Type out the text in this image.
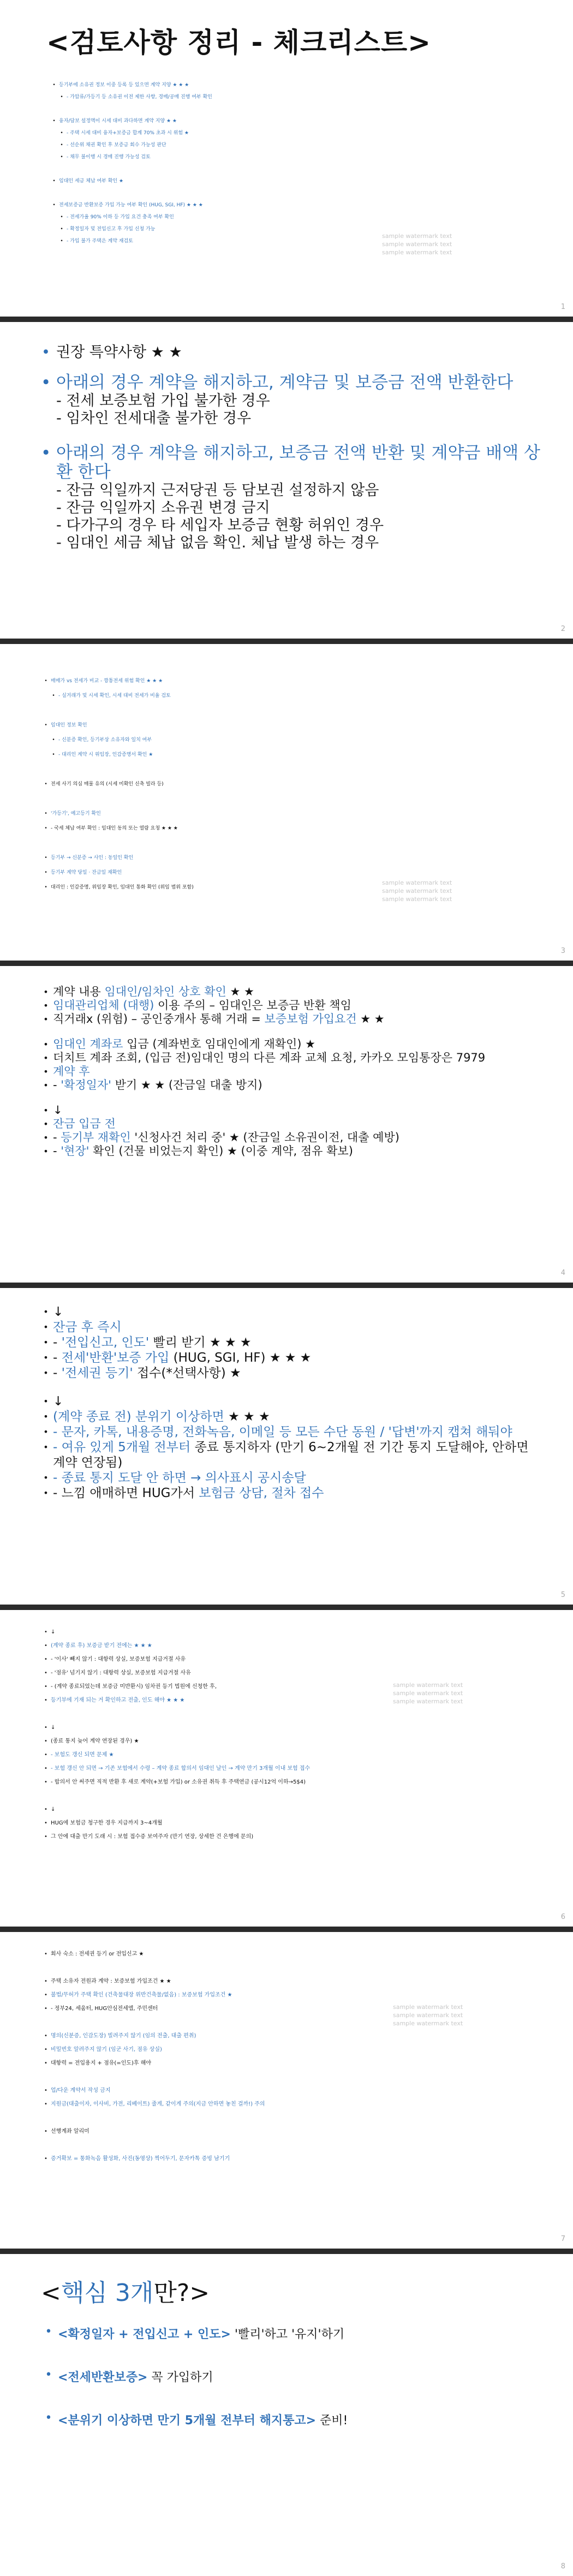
<검토사항 정리 - 체크리스트>
• 등기부에 소유권 정보 이중 등록 등 있으면 계약 지양 ★ ★ ★
• - 가압류/가등기 등 소유권 이전 제한 사항, 경매/공매 진행 여부 확인
• 융자/담보 설정액이 시세 대비 과다하면 계약 지양 ★ ★
• - 주택 시세 대비 융자+보증금 합계 70% 초과 시 위험 ★
• - 선순위 채권 확인 후 보증금 회수 가능성 판단
• - 채무 불이행 시 경매 진행 가능성 검토
• 임대인 세금 체납 여부 확인 ★
• 전세보증금 반환보증 가입 가능 여부 확인 (HUG, SGI, HF) ★ ★ ★
• - 전세가율 90% 이하 등 가입 요건 충족 여부 확인
• - 확정일자 및 전입신고 후 가입 신청 가능
• - 가입 불가 주택은 계약 재검토
sample watermark text
sample watermark text
sample watermark text
1
• 권장 특약사항 ★ ★
• 아래의 경우 계약을 해지하고, 계약금 및 보증금 전액 반환한다
- 전세 보증보험 가입 불가한 경우
- 임차인 전세대출 불가한 경우
• 아래의 경우 계약을 해지하고, 보증금 전액 반환 및 계약금 배액 상환 한다
- 잔금 익일까지 근저당권 등 담보권 설정하지 않음
- 잔금 익일까지 소유권 변경 금지
- 다가구의 경우 타 세입자 보증금 현황 허위인 경우
- 임대인 세금 체납 없음 확인. 체납 발생 하는 경우
2
• 매매가 vs 전세가 비교 - 깡통전세 위험 확인 ★ ★ ★
• - 실거래가 및 시세 확인, 시세 대비 전세가 비율 검토
• 임대인 정보 확인
• - 신분증 확인, 등기부상 소유자와 일치 여부
• - 대리인 계약 시 위임장, 인감증명서 확인 ★
• 전세 사기 의심 매물 유의 (시세 미확인 신축 빌라 등)
• '가등기', 예고등기 확인
• - 국세 체납 여부 확인 : 임대인 동의 또는 열람 요청 ★ ★ ★
• 등기부 → 신분증 → 사인 : 동일인 확인
• 등기부 계약 당일 · 잔금일 재확인
• 대리인 : 인감증명, 위임장 확인, 임대인 통화 확인 (위임 범위 포함)
sample watermark text
sample watermark text
sample watermark text
3
• 계약 내용 임대인/임차인 상호 확인 ★ ★
• 임대관리업체 (대행) 이용 주의 – 임대인은 보증금 반환 책임
• 직거래x (위험) – 공인중개사 통해 거래 = 보증보험 가입요건 ★ ★
• 임대인 계좌로 입금 (계좌번호 임대인에게 재확인) ★
• 더치트 계좌 조회, (입금 전)임대인 명의 다른 계좌 교체 요청, 카카오 모임통장은 7979
• 계약 후
• - '확정일자' 받기 ★ ★ (잔금일 대출 방지)
• ↓
• 잔금 입금 전
• - 등기부 재확인 '신청사건 처리 중' ★ (잔금일 소유권이전, 대출 예방)
• - '현장' 확인 (건물 비었는지 확인) ★ (이중 계약, 점유 확보)
4
• ↓
• 잔금 후 즉시
• - '전입신고, 인도' 빨리 받기 ★ ★ ★
• - 전세'반환'보증 가입 (HUG, SGI, HF) ★ ★ ★
• - '전세권 등기' 접수(*선택사항) ★
• ↓
• (계약 종료 전) 분위기 이상하면 ★ ★ ★
• - 문자, 카톡, 내용증명, 전화녹음, 이메일 등 모든 수단 동원 / '답변'까지 캡쳐 해둬야
• - 여유 있게 5개월 전부터 종료 통지하자 (만기 6~2개월 전 기간 통지 도달해야, 안하면 계약 연장됨)
• - 종료 통지 도달 안 하면 → 의사표시 공시송달
• - 느낌 애매하면 HUG가서 보험금 상담, 절차 접수
5
• ↓
• (계약 종료 후) 보증금 받기 전에는 ★ ★ ★
• - '이사' 빼지 않기 : 대항력 상실, 보증보험 지급거절 사유
• - '점유' 넘기지 않기 : 대항력 상실, 보증보험 지급거절 사유
• - (계약 종료되었는데 보증금 미반환시) 임차권 등기 법원에 신청한 후,
• 등기부에 기재 되는 거 확인하고 전출, 인도 해야 ★ ★ ★
• ↓
• (종료 통지 늦어 계약 연장된 경우) ★
• - 보험도 갱신 되면 문제 ★
• - 보험 갱신 안 되면 → 기존 보험에서 수령 – 계약 종료 합의서 임대인 날인 → 계약 만기 3개월 이내 보험 접수
• - 합의서 안 써주면 직적 반환 후 새로 계약(+보험 가입) or 소유권 취득 후 주택연금 (공시12억 이하→5$4)
• ↓
• HUG에 보험금 청구한 경우 지급까지 3~4개월
• 그 안에 대출 만기 도래 시 : 보험 접수증 보여주자 (만기 연장, 상세한 건 은행에 문의)
sample watermark text
sample watermark text
sample watermark text
6
• 회사 숙소 : 전세권 등기 or 전입신고 ★
• 주택 소유자 전원과 계약 : 보증보험 가입조건 ★ ★
• 불법/무허가 주택 확인 (건축물대장 위반건축물/없음) : 보증보험 가입조건 ★
• - 정부24, 세움터, HUG안심전세앱, 주민센터
• 명의(신분증, 인감도장) 빌려주지 않기 (임의 전출, 대출 편취)
• 비밀번호 알려주지 않기 (임군 사기, 점유 상실)
• 대항력 = 전입용지 + 점유(=인도)후 해야
• 업/다운 계약서 작성 금지
• 지원금(대출이자, 이사비, 가전, 리베이트) 줄게, 같이게 주의(지금 안하면 놓친 걸까!) 주의
• 선행계좌 알리미
• 증거확보 = 통화녹음 활성화, 사진(동영상) 찍어두기, 문자카톡 증빙 남기기
sample watermark text
sample watermark text
sample watermark text
7
<핵심 3개만?>
• <확정일자 + 전입신고 + 인도> '빨리'하고 '유지'하기
• <전세반환보증> 꼭 가입하기
• <분위기 이상하면 만기 5개월 전부터 해지통고> 준비!
8
